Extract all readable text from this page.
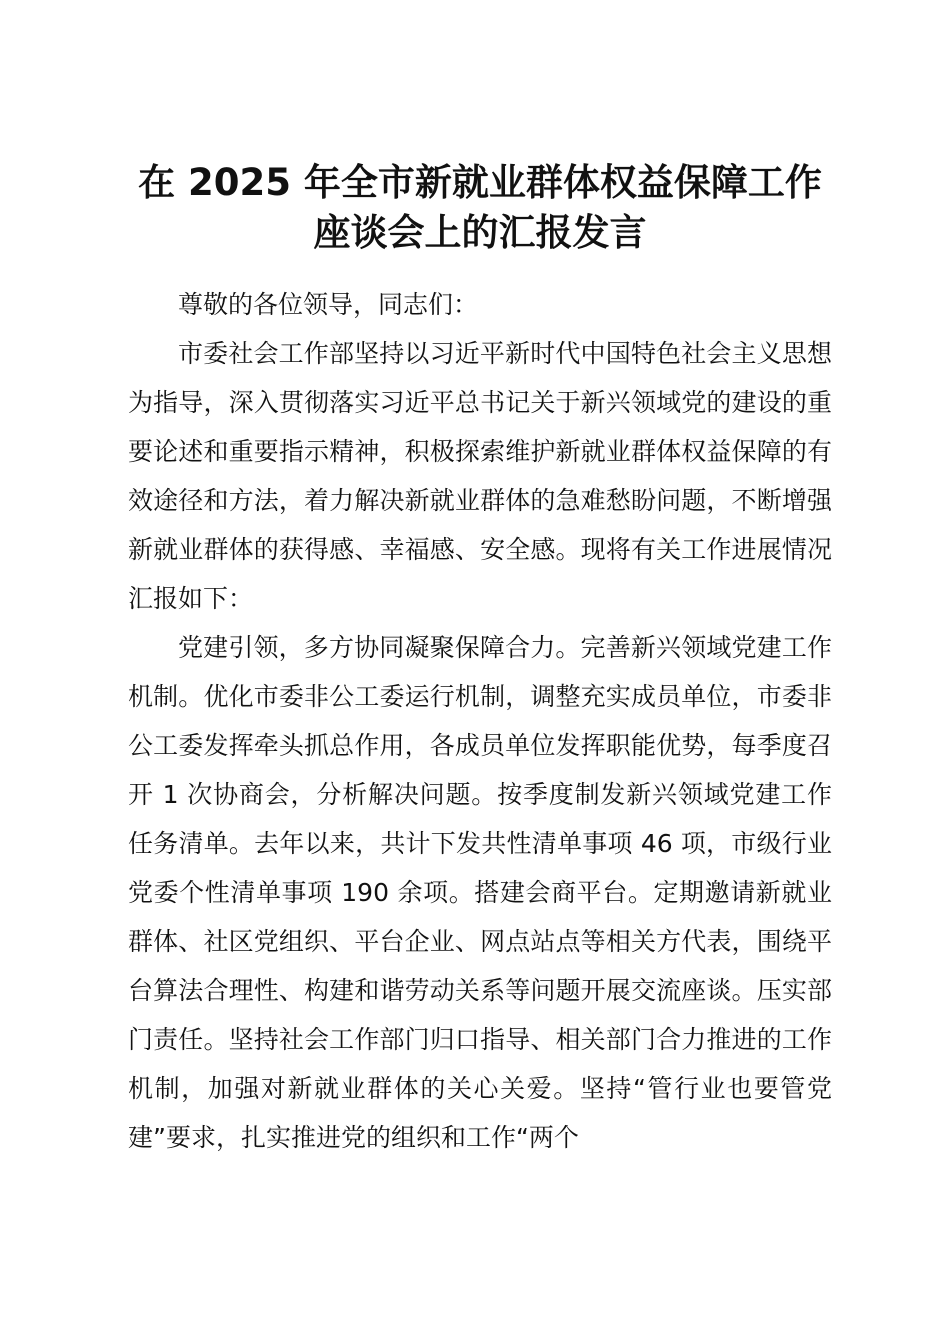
在 2025 年全市新就业群体权益保障工作座谈会上的汇报发言

尊敬的各位领导，同志们：

市委社会工作部坚持以习近平新时代中国特色社会主义思想为指导，深入贯彻落实习近平总书记关于新兴领域党的建设的重要论述和重要指示精神，积极探索维护新就业群体权益保障的有效途径和方法，着力解决新就业群体的急难愁盼问题，不断增强新就业群体的获得感、幸福感、安全感。现将有关工作进展情况汇报如下：

党建引领，多方协同凝聚保障合力。完善新兴领域党建工作机制。优化市委非公工委运行机制，调整充实成员单位，市委非公工委发挥牵头抓总作用，各成员单位发挥职能优势，每季度召开 1 次协商会，分析解决问题。按季度制发新兴领域党建工作任务清单。去年以来，共计下发共性清单事项 46 项，市级行业党委个性清单事项 190 余项。搭建会商平台。定期邀请新就业群体、社区党组织、平台企业、网点站点等相关方代表，围绕平台算法合理性、构建和谐劳动关系等问题开展交流座谈。压实部门责任。坚持社会工作部门归口指导、相关部门合力推进的工作机制，加强对新就业群体的关心关爱。坚持“管行业也要管党建”要求，扎实推进党的组织和工作“两个
